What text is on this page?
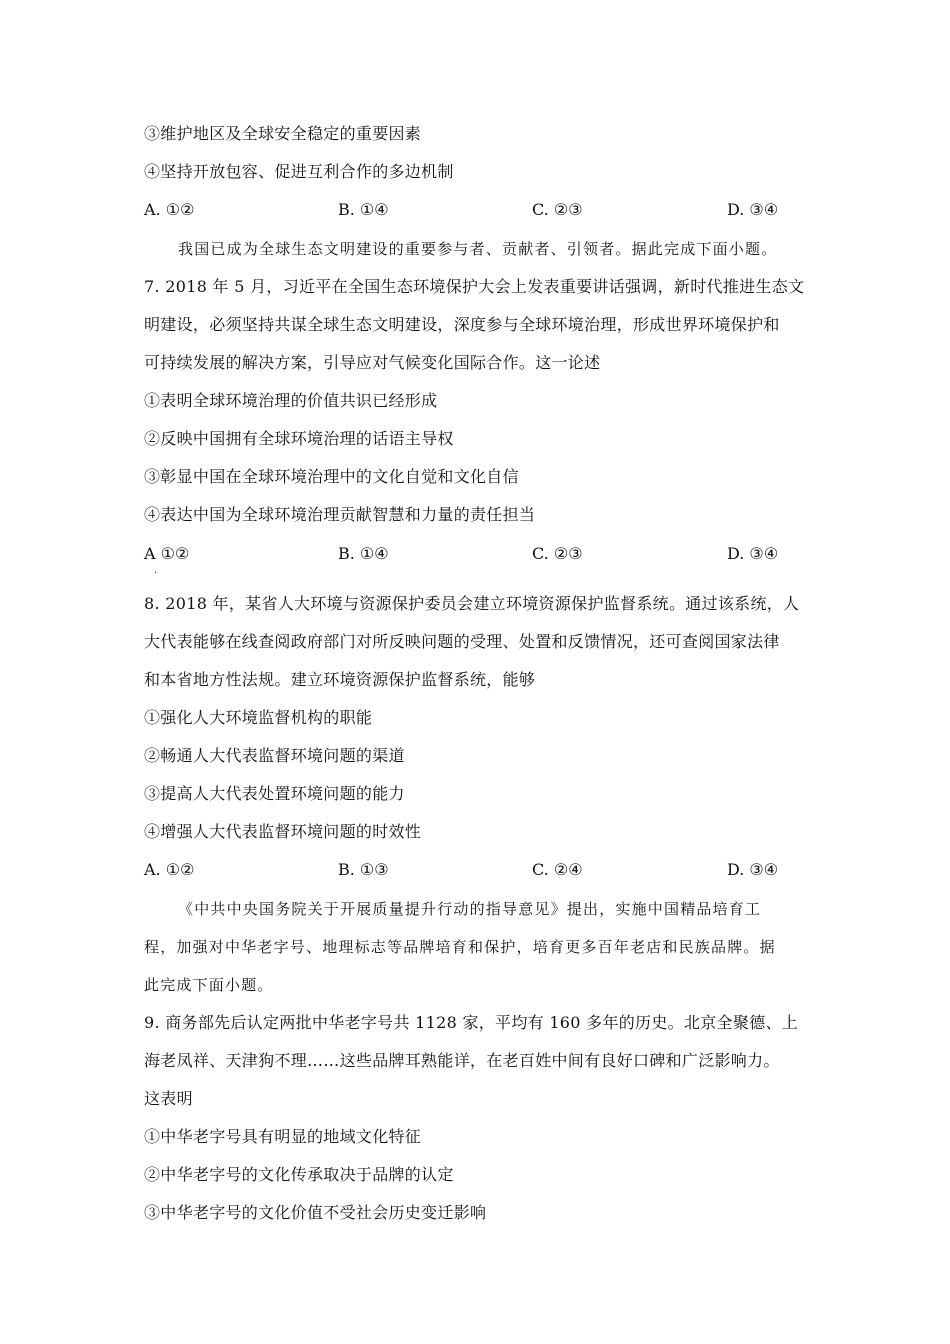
③维护地区及全球安全稳定的重要因素
④坚持开放包容、促进互利合作的多边机制
A. ①②	B. ①④	C. ②③	D. ③④
我国已成为全球生态文明建设的重要参与者、贡献者、引领者。据此完成下面小题。
7. 2018 年 5 月，习近平在全国生态环境保护大会上发表重要讲话强调，新时代推进生态文
明建设，必须坚持共谋全球生态文明建设，深度参与全球环境治理，形成世界环境保护和
可持续发展的解决方案，引导应对气候变化国际合作。这一论述
①表明全球环境治理的价值共识已经形成
②反映中国拥有全球环境治理的话语主导权
③彰显中国在全球环境治理中的文化自觉和文化自信
④表达中国为全球环境治理贡献智慧和力量的责任担当
A ①②
.
B. ①④	C. ②③	D. ③④
8. 2018 年，某省人大环境与资源保护委员会建立环境资源保护监督系统。通过该系统，人
大代表能够在线查阅政府部门对所反映问题的受理、处置和反馈情况，还可查阅国家法律
和本省地方性法规。建立环境资源保护监督系统，能够
①强化人大环境监督机构的职能
②畅通人大代表监督环境问题的渠道
③提高人大代表处置环境问题的能力
④增强人大代表监督环境问题的时效性
A. ①②	B. ①③	C. ②④	D. ③④
《中共中央国务院关于开展质量提升行动的指导意见》提出，实施中国精品培育工
程，加强对中华老字号、地理标志等品牌培育和保护，培育更多百年老店和民族品牌。据
此完成下面小题。
9. 商务部先后认定两批中华老字号共 1128 家，平均有 160 多年的历史。北京全聚德、上
海老凤祥、天津狗不理……这些品牌耳熟能详，在老百姓中间有良好口碑和广泛影响力。
这表明
①中华老字号具有明显的地域文化特征
②中华老字号的文化传承取决于品牌的认定
③中华老字号的文化价值不受社会历史变迁影响
